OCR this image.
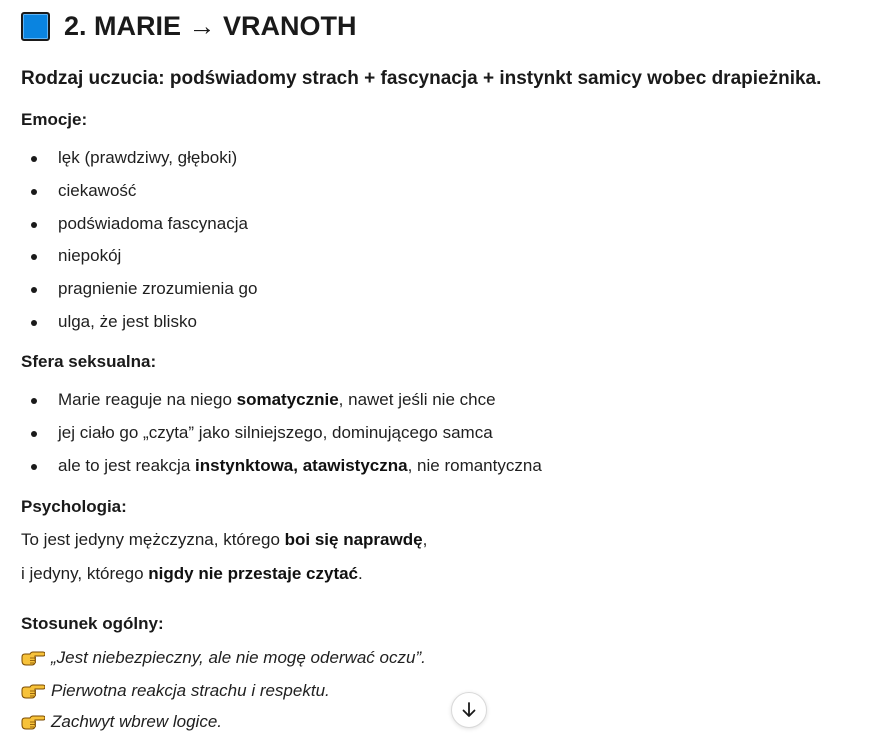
2. MARIE → VRANOTH
Rodzaj uczucia: podświadomy strach + fascynacja + instynkt samicy wobec drapieżnika.
Emocje:
lęk (prawdziwy, głęboki)
ciekawość
podświadoma fascynacja
niepokój
pragnienie zrozumienia go
ulga, że jest blisko
Sfera seksualna:
Marie reaguje na niego somatycznie, nawet jeśli nie chce
jej ciało go „czyta” jako silniejszego, dominującego samca
ale to jest reakcja instynktowa, atawistyczna, nie romantyczna
Psychologia:
To jest jedyny mężczyzna, którego boi się naprawdę,
i jedyny, którego nigdy nie przestaje czytać.
Stosunek ogólny:
„Jest niebezpieczny, ale nie mogę oderwać oczu”.
Pierwotna reakcja strachu i respektu.
Zachwyt wbrew logice.
